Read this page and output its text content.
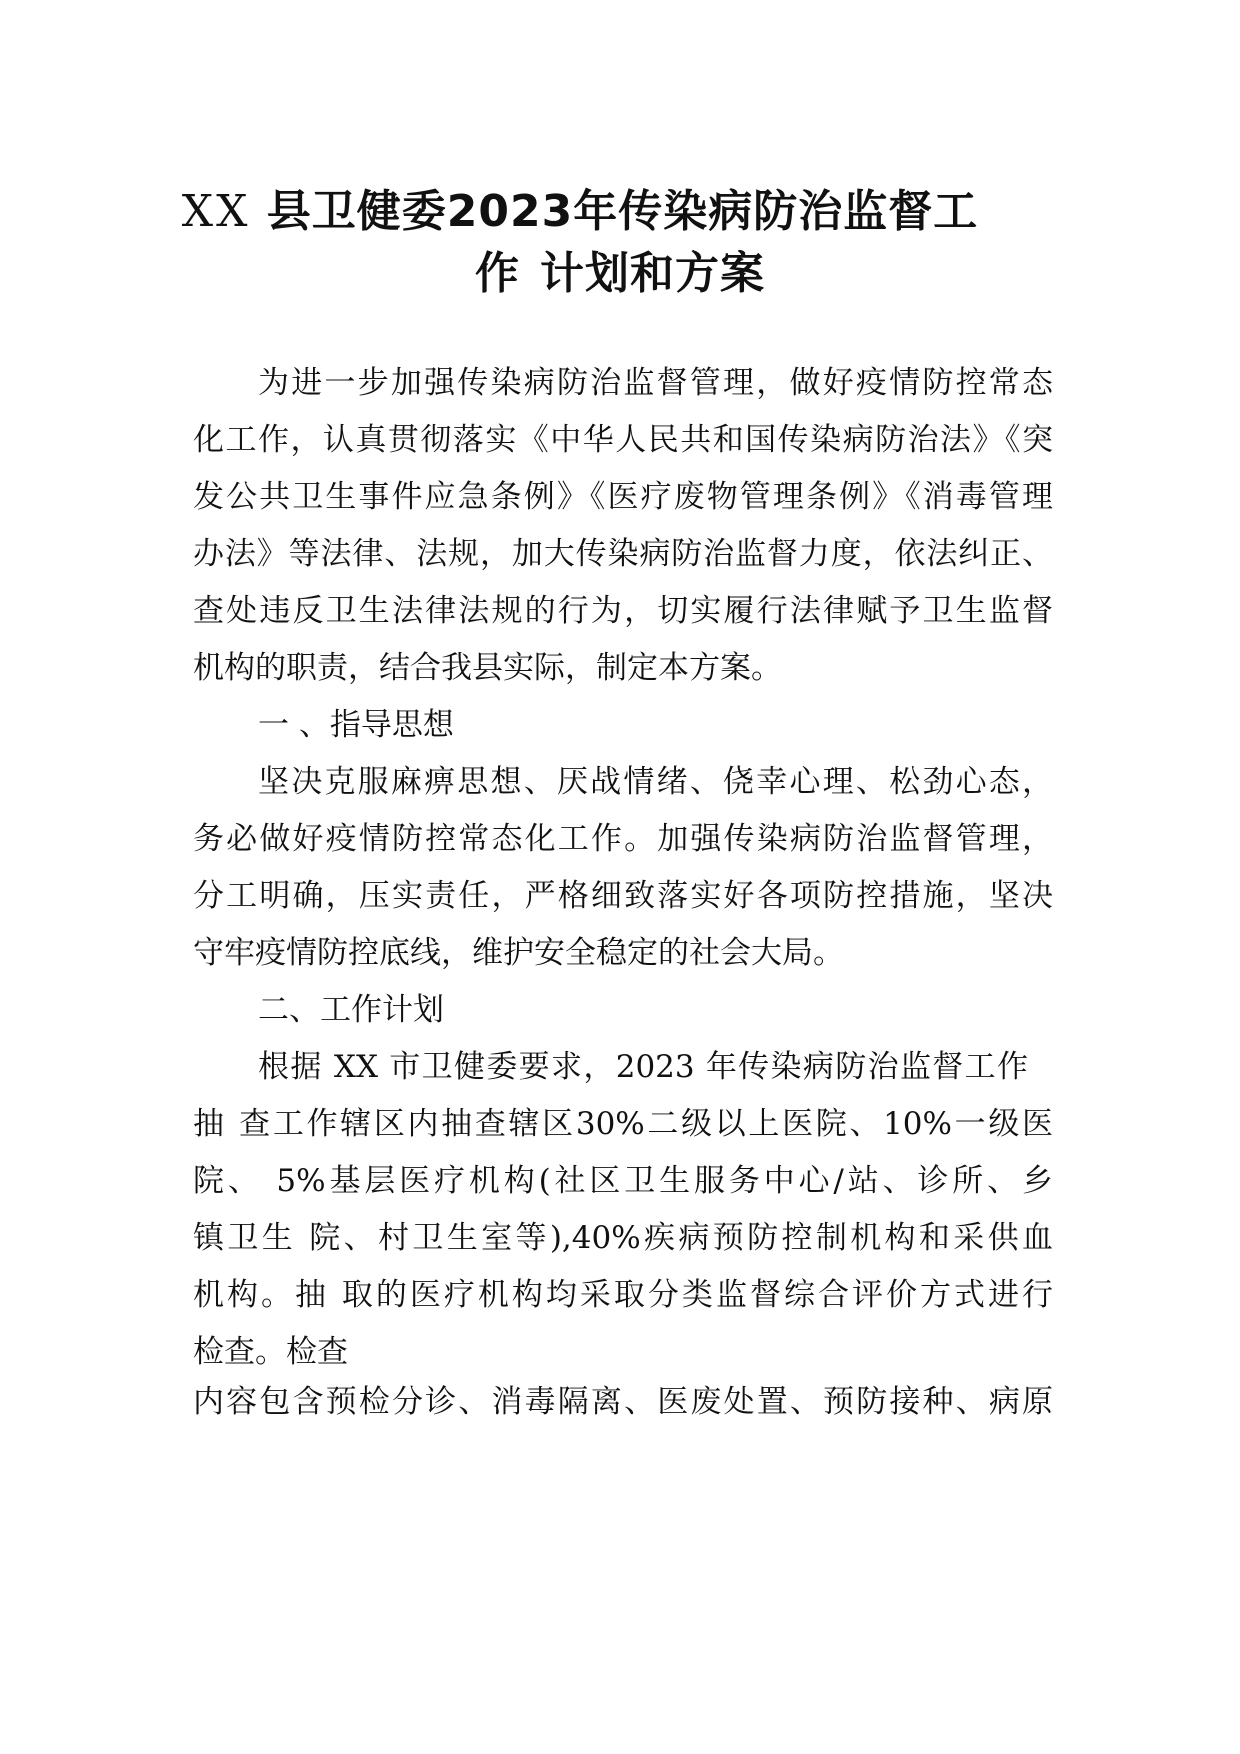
XX 县卫健委2023年传染病防治监督工
作 计划和方案
为进一步加强传染病防治监督管理，做好疫情防控常态
化工作，认真贯彻落实《中华人民共和国传染病防治法》《突
发公共卫生事件应急条例》《医疗废物管理条例》《消毒管理
办法》等法律、法规，加大传染病防治监督力度，依法纠正、
查处违反卫生法律法规的行为，切实履行法律赋予卫生监督
机构的职责，结合我县实际，制定本方案。
一 、指导思想
坚决克服麻痹思想、厌战情绪、侥幸心理、松劲心态，
务必做好疫情防控常态化工作。加强传染病防治监督管理，
分工明确，压实责任，严格细致落实好各项防控措施，坚决
守牢疫情防控底线，维护安全稳定的社会大局。
二、工作计划
根据 XX 市卫健委要求，2023 年传染病防治监督工作
抽 查工作辖区内抽查辖区30%二级以上医院、10%一级医
院、 5%基层医疗机构(社区卫生服务中心/站、诊所、乡
镇卫生 院、村卫生室等),40%疾病预防控制机构和采供血
机构。抽 取的医疗机构均采取分类监督综合评价方式进行
检查。检查
内容包含预检分诊、消毒隔离、医废处置、预防接种、病原
